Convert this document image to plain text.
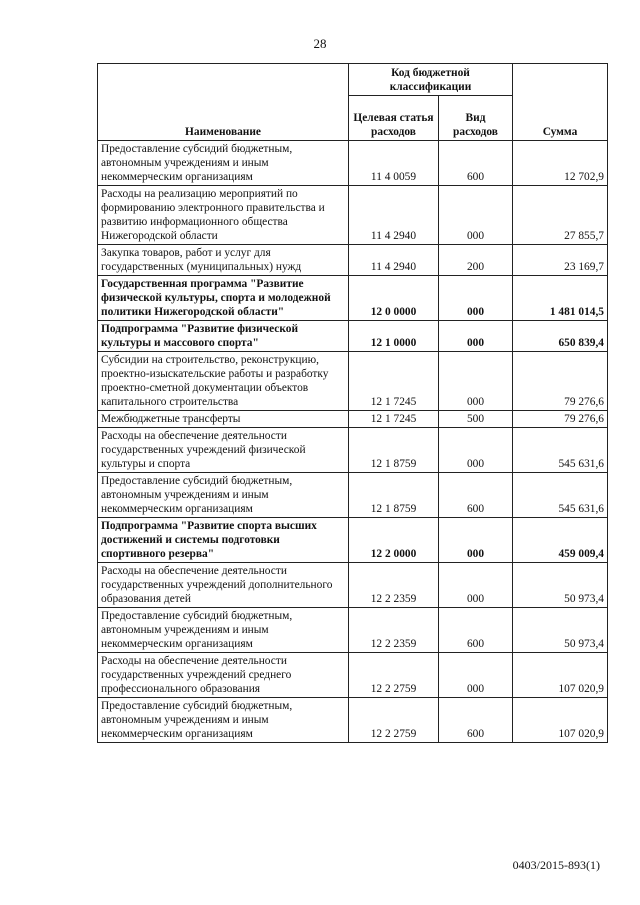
28
Наименование	Код бюджетной классификации		Сумма
	Целевая статья расходов	Вид расходов	
Предоставление субсидий бюджетным, автономным учреждениям и иным некоммерческим организациям	11 4 0059	600	12 702,9
Расходы на реализацию мероприятий по формированию электронного правительства и развитию информационного общества Нижегородской области	11 4 2940	000	27 855,7
Закупка товаров, работ и услуг для государственных (муниципальных) нужд	11 4 2940	200	23 169,7
Государственная программа "Развитие физической культуры, спорта и молодежной политики Нижегородской области"	12 0 0000	000	1 481 014,5
Подпрограмма "Развитие физической культуры и массового спорта"	12 1 0000	000	650 839,4
Субсидии на строительство, реконструкцию, проектно-изыскательские работы и разработку проектно-сметной документации объектов капитального строительства	12 1 7245	000	79 276,6
Межбюджетные трансферты	12 1 7245	500	79 276,6
Расходы на обеспечение деятельности государственных учреждений физической культуры и спорта	12 1 8759	000	545 631,6
Предоставление субсидий бюджетным, автономным учреждениям и иным некоммерческим организациям	12 1 8759	600	545 631,6
Подпрограмма "Развитие спорта высших достижений и системы подготовки спортивного резерва"	12 2 0000	000	459 009,4
Расходы на обеспечение деятельности государственных учреждений дополнительного образования детей	12 2 2359	000	50 973,4
Предоставление субсидий бюджетным, автономным учреждениям и иным некоммерческим организациям	12 2 2359	600	50 973,4
Расходы на обеспечение деятельности государственных учреждений среднего профессионального образования	12 2 2759	000	107 020,9
Предоставление субсидий бюджетным, автономным учреждениям и иным некоммерческим организациям	12 2 2759	600	107 020,9
0403/2015-893(1)
